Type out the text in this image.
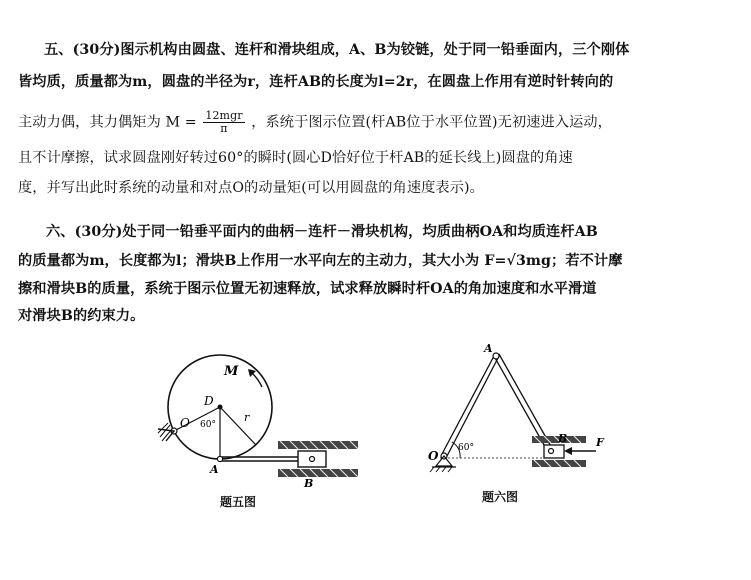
五、(30分)图示机构由圆盘、连杆和滑块组成，A、B为铰链，处于同一铅垂面内，三个刚体
皆均质，质量都为m，圆盘的半径为r，连杆AB的长度为l=2r，在圆盘上作用有逆时针转向的
主动力偶，其力偶矩为 $M = \frac{\text{12mgr}}{\pi}$ ，系统于图示位置(杆AB位于水平位置)无初速进入运动，
且不计摩擦，试求圆盘刚好转过60°的瞬时(圆心D恰好位于杆AB的延长线上)圆盘的角速
度，并写出此时系统的动量和对点O的动量矩(可以用圆盘的角速度表示)。
六、(30分)处于同一铅垂平面内的曲柄－连杆－滑块机构，均质曲柄OA和均质连杆AB
的质量都为m，长度都为l；滑块B上作用一水平向左的主动力，其大小为 F=√3mg；若不计摩
擦和滑块B的质量，系统于图示位置无初速释放，试求释放瞬时杆OA的角加速度和水平滑道
对滑块B的约束力。
M
D
r
60°
O
A
B
题五图
A
O
60°
B	F
题六图
